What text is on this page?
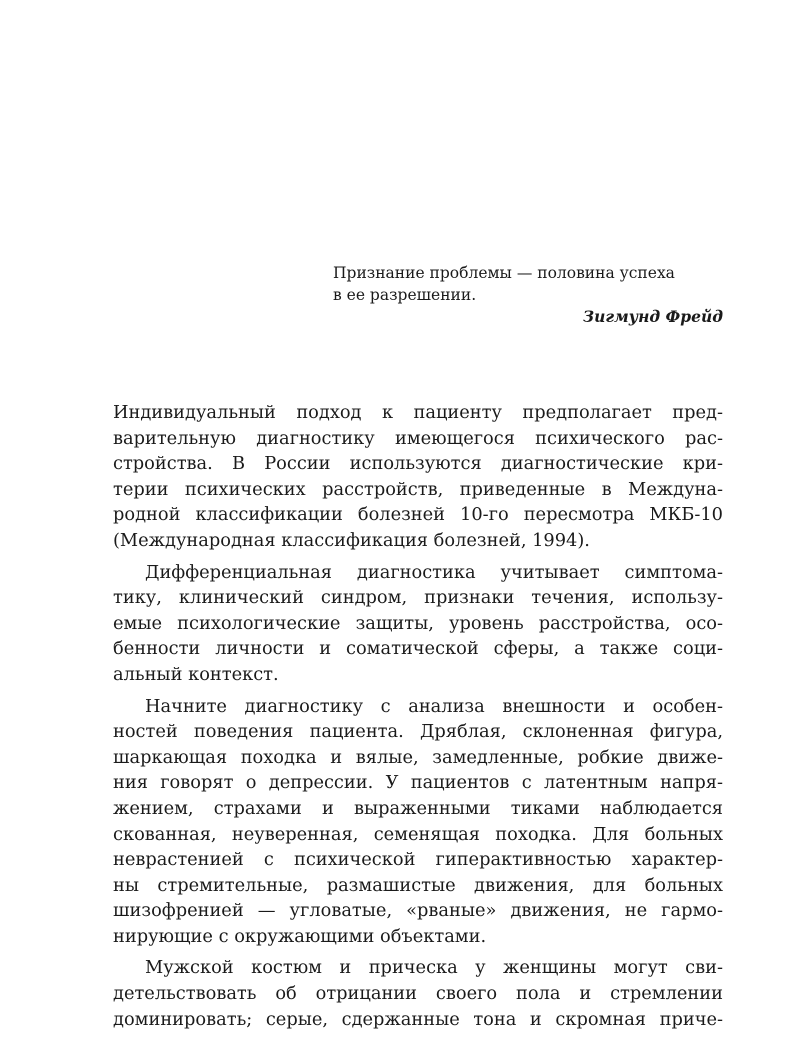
Признание проблемы — половина успеха
в ее разрешении.
Зигмунд Фрейд

Индивидуальный подход к пациенту предполагает пред-
варительную диагностику имеющегося психического рас-
стройства. В России используются диагностические кри-
терии психических расстройств, приведенные в Междуна-
родной классификации болезней 10-го пересмотра МКБ-10
(Международная классификация болезней, 1994).

Дифференциальная диагностика учитывает симптома-
тику, клинический синдром, признаки течения, использу-
емые психологические защиты, уровень расстройства, осо-
бенности личности и соматической сферы, а также соци-
альный контекст.

Начните диагностику с анализа внешности и особен-
ностей поведения пациента. Дряблая, склоненная фигура,
шаркающая походка и вялые, замедленные, робкие движе-
ния говорят о депрессии. У пациентов с латентным напря-
жением, страхами и выраженными тиками наблюдается
скованная, неуверенная, семенящая походка. Для больных
неврастенией с психической гиперактивностью характер-
ны стремительные, размашистые движения, для больных
шизофренией — угловатые, «рваные» движения, не гармо-
нирующие с окружающими объектами.

Мужской костюм и прическа у женщины могут сви-
детельствовать об отрицании своего пола и стремлении
доминировать; серые, сдержанные тона и скромная приче-
